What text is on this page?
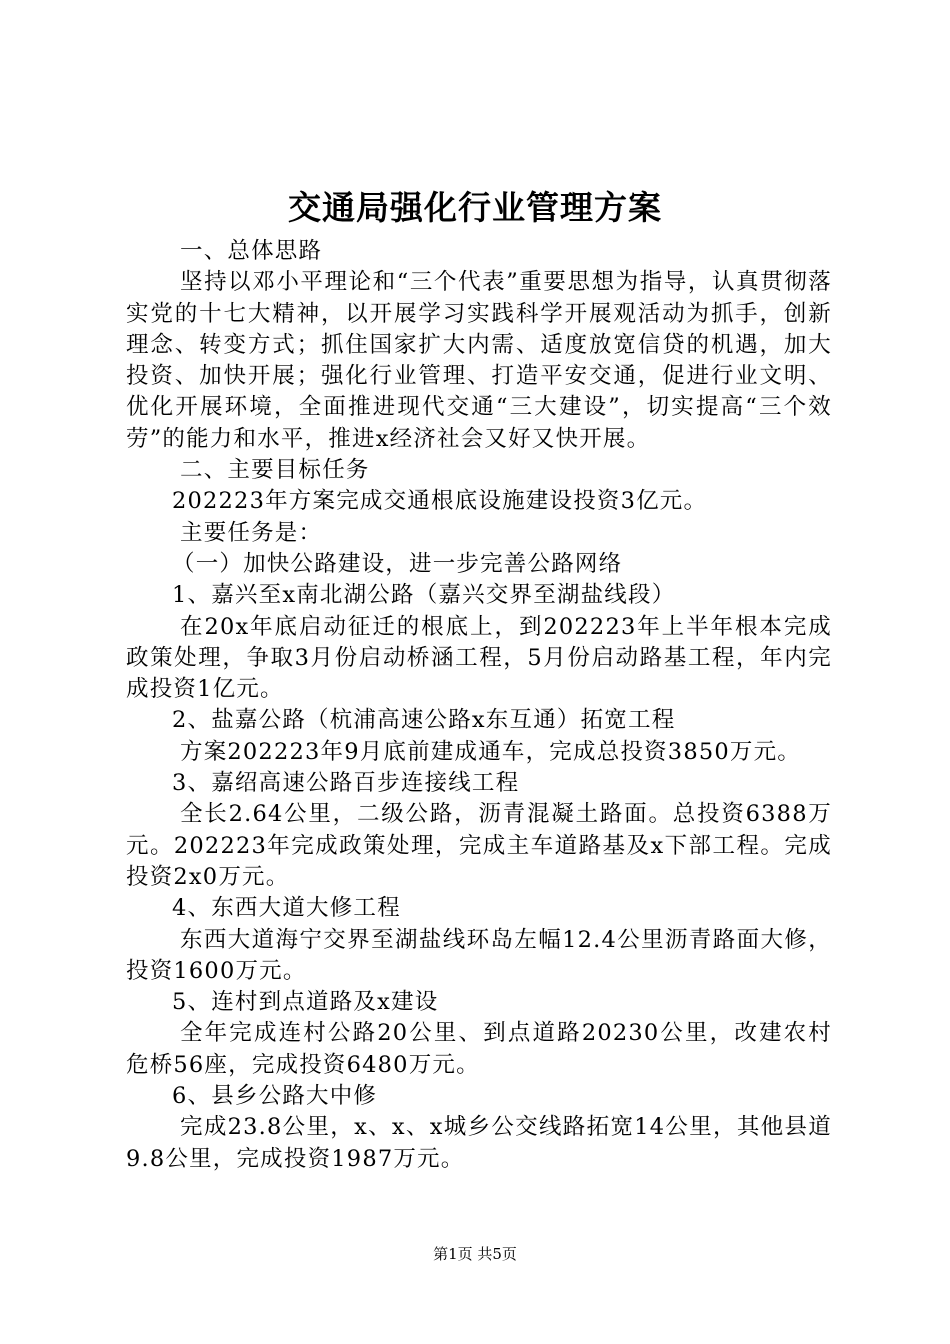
交通局强化行业管理方案

一、总体思路

坚持以邓小平理论和“三个代表”重要思想为指导，认真贯彻落实党的十七大精神，以开展学习实践科学开展观活动为抓手，创新理念、转变方式；抓住国家扩大内需、适度放宽信贷的机遇，加大投资、加快开展；强化行业管理、打造平安交通，促进行业文明、优化开展环境，全面推进现代交通“三大建设”，切实提高“三个效劳”的能力和水平，推进x经济社会又好又快开展。

二、主要目标任务

202223年方案完成交通根底设施建设投资3亿元。

主要任务是：

（一）加快公路建设，进一步完善公路网络

1、嘉兴至x南北湖公路（嘉兴交界至湖盐线段）

在20x年底启动征迁的根底上，到202223年上半年根本完成政策处理，争取3月份启动桥涵工程，5月份启动路基工程，年内完成投资1亿元。

2、盐嘉公路（杭浦高速公路x东互通）拓宽工程

方案202223年9月底前建成通车，完成总投资3850万元。

3、嘉绍高速公路百步连接线工程

全长2.64公里，二级公路，沥青混凝土路面。总投资6388万元。202223年完成政策处理，完成主车道路基及x下部工程。完成投资2x0万元。

4、东西大道大修工程

东西大道海宁交界至湖盐线环岛左幅12.4公里沥青路面大修，投资1600万元。

5、连村到点道路及x建设

全年完成连村公路20公里、到点道路20230公里，改建农村危桥56座，完成投资6480万元。

6、县乡公路大中修

完成23.8公里，x、x、x城乡公交线路拓宽14公里，其他县道9.8公里，完成投资1987万元。

第1页 共5页
